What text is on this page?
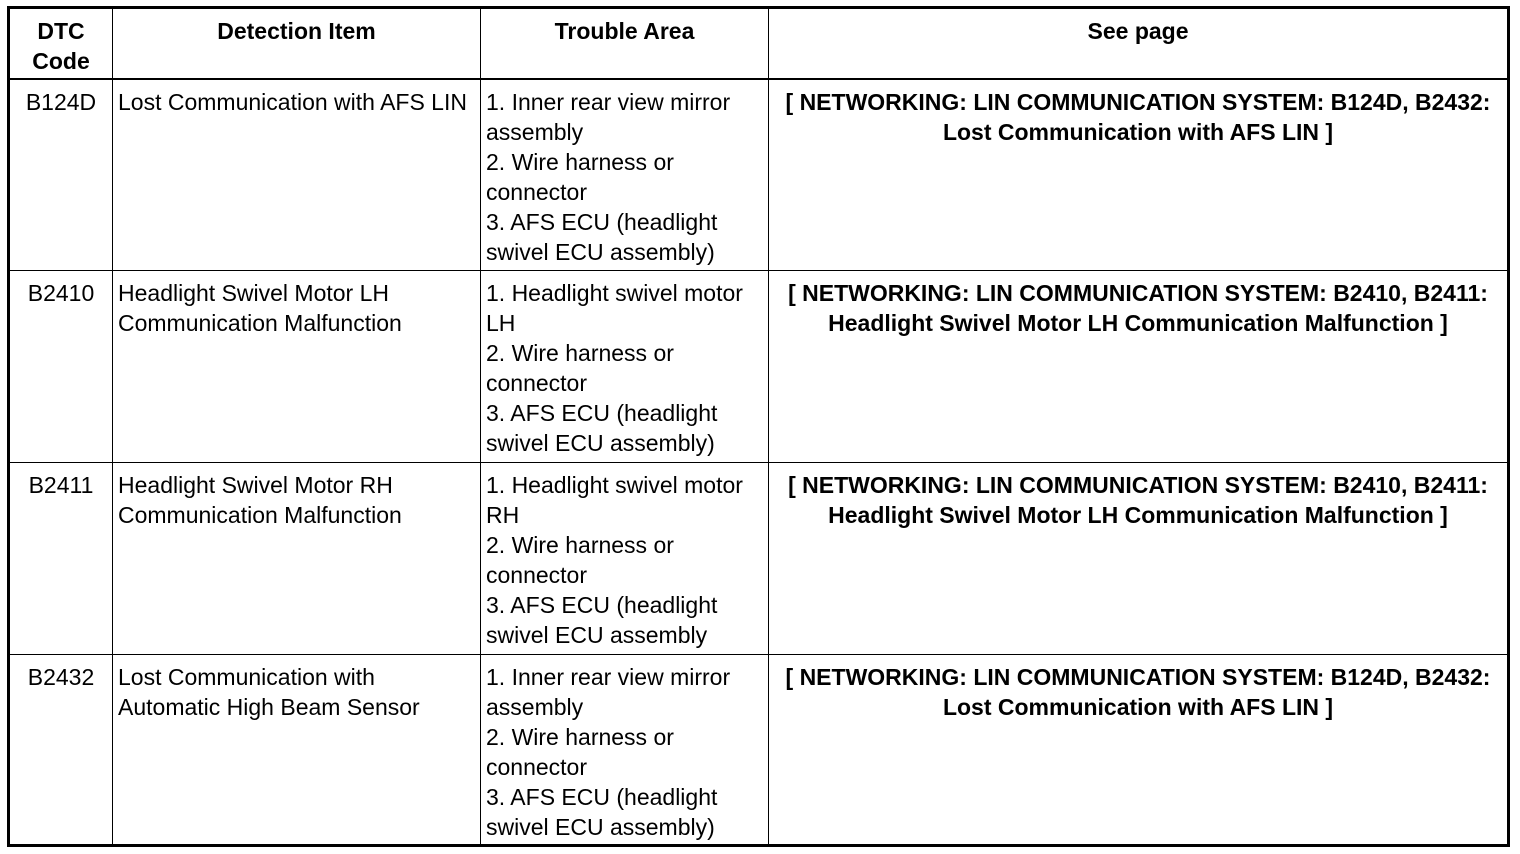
DTC Code	Detection Item	Trouble Area	See page
B124D	Lost Communication with AFS LIN	1. Inner rear view mirror assembly
2. Wire harness or connector
3. AFS ECU (headlight swivel ECU assembly)	[ NETWORKING: LIN COMMUNICATION SYSTEM: B124D, B2432: Lost Communication with AFS LIN ]
B2410	Headlight Swivel Motor LH Communication Malfunction	1. Headlight swivel motor LH
2. Wire harness or connector
3. AFS ECU (headlight swivel ECU assembly)	[ NETWORKING: LIN COMMUNICATION SYSTEM: B2410, B2411: Headlight Swivel Motor LH Communication Malfunction ]
B2411	Headlight Swivel Motor RH Communication Malfunction	1. Headlight swivel motor RH
2. Wire harness or connector
3. AFS ECU (headlight swivel ECU assembly	[ NETWORKING: LIN COMMUNICATION SYSTEM: B2410, B2411: Headlight Swivel Motor LH Communication Malfunction ]
B2432	Lost Communication with Automatic High Beam Sensor	1. Inner rear view mirror assembly
2. Wire harness or connector
3. AFS ECU (headlight swivel ECU assembly)	[ NETWORKING: LIN COMMUNICATION SYSTEM: B124D, B2432: Lost Communication with AFS LIN ]
